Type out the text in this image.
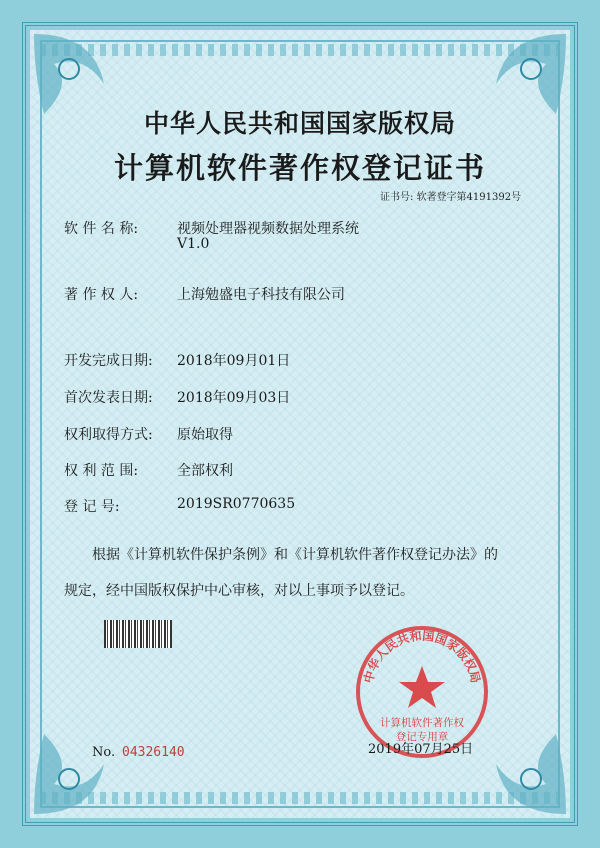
中华人民共和国国家版权局
计算机软件著作权登记证书
证书号: 软著登字第4191392号
软 件 名 称:	视频处理器视频数据处理系统
V1.0
著 作 权 人:	上海勉盛电子科技有限公司
开发完成日期: 2018年09月01日
首次发表日期: 2018年09月03日
权利取得方式: 原始取得
权 利 范 围:	全部权利
登 记 号:	2019SR0770635
根据《计算机软件保护条例》和《计算机软件著作权登记办法》的
规定，经中国版权保护中心审核，对以上事项予以登记。
中华人民共和国国家版权局
计算机软件著作权
登记专用章
No. 04326140	2019年07月25日
